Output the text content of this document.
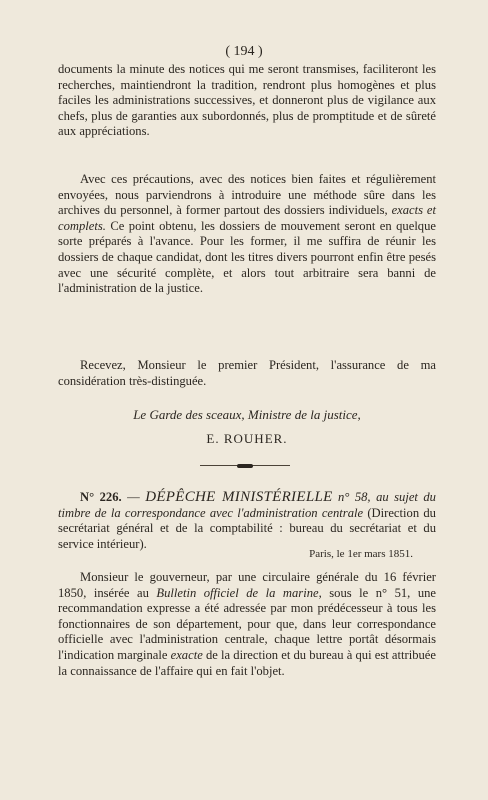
( 194 )

documents la minute des notices qui me seront transmises, faciliteront les recherches, maintiendront la tradition, rendront plus homogènes et plus faciles les administrations successives, et donneront plus de vigilance aux chefs, plus de garanties aux subordonnés, plus de promptitude et de sûreté aux appréciations.

Avec ces précautions, avec des notices bien faites et régulièrement envoyées, nous parviendrons à introduire une méthode sûre dans les archives du personnel, à former partout des dossiers individuels, exacts et complets. Ce point obtenu, les dossiers de mouvement seront en quelque sorte préparés à l'avance. Pour les former, il me suffira de réunir les dossiers de chaque candidat, dont les titres divers pourront enfin être pesés avec une sécurité complète, et alors tout arbitraire sera banni de l'administration de la justice.

Recevez, Monsieur le premier Président, l'assurance de ma considération très-distinguée.

Le Garde des sceaux, Ministre de la justice,
E. ROUHER.

N° 226. — DÉPÊCHE MINISTÉRIELLE n° 58, au sujet du timbre de la correspondance avec l'administration centrale (Direction du secrétariat général et de la comptabilité : bureau du secrétariat et du service intérieur).

Paris, le 1er mars 1851.

Monsieur le gouverneur, par une circulaire générale du 16 février 1850, insérée au Bulletin officiel de la marine, sous le n° 51, une recommandation expresse a été adressée par mon prédécesseur à tous les fonctionnaires de son département, pour que, dans leur correspondance officielle avec l'administration centrale, chaque lettre portât désormais l'indication marginale exacte de la direction et du bureau à qui est attribuée la connaissance de l'affaire qui en fait l'objet.
